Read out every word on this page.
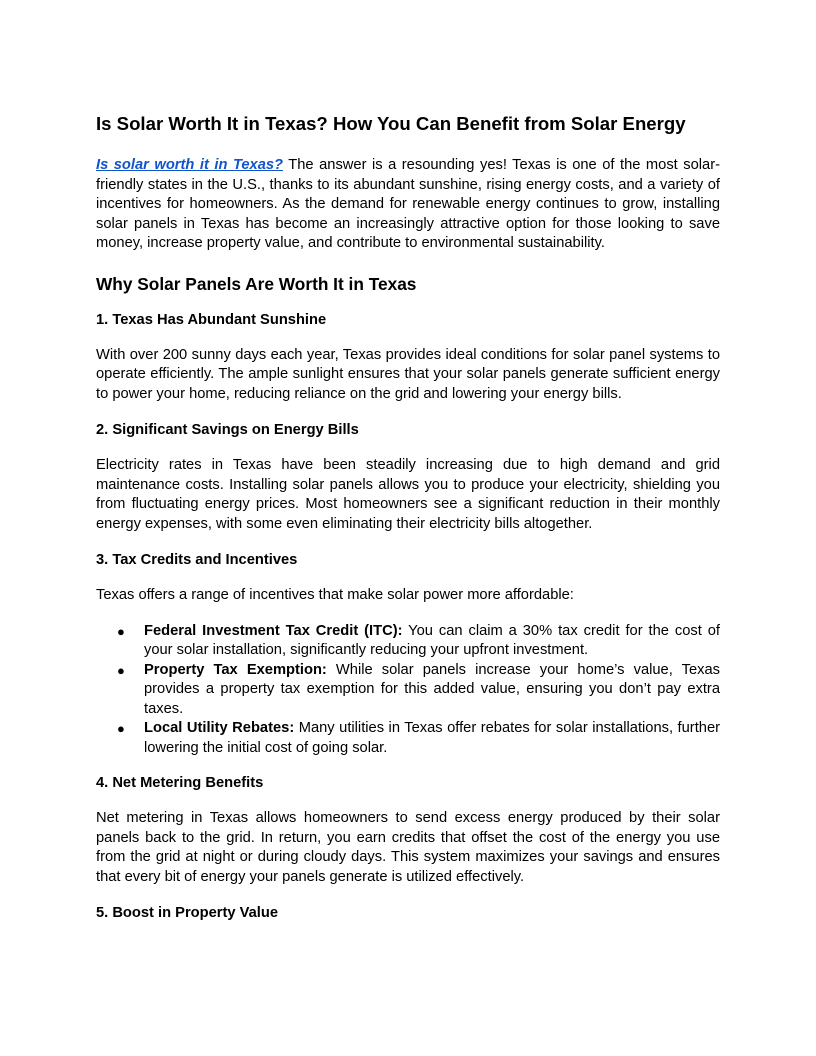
Is Solar Worth It in Texas? How You Can Benefit from Solar Energy

Is solar worth it in Texas? The answer is a resounding yes! Texas is one of the most solar-friendly states in the U.S., thanks to its abundant sunshine, rising energy costs, and a variety of incentives for homeowners. As the demand for renewable energy continues to grow, installing solar panels in Texas has become an increasingly attractive option for those looking to save money, increase property value, and contribute to environmental sustainability.

Why Solar Panels Are Worth It in Texas
1. Texas Has Abundant Sunshine

With over 200 sunny days each year, Texas provides ideal conditions for solar panel systems to operate efficiently. The ample sunlight ensures that your solar panels generate sufficient energy to power your home, reducing reliance on the grid and lowering your energy bills.

2. Significant Savings on Energy Bills

Electricity rates in Texas have been steadily increasing due to high demand and grid maintenance costs. Installing solar panels allows you to produce your electricity, shielding you from fluctuating energy prices. Most homeowners see a significant reduction in their monthly energy expenses, with some even eliminating their electricity bills altogether.

3. Tax Credits and Incentives

Texas offers a range of incentives that make solar power more affordable:

● Federal Investment Tax Credit (ITC): You can claim a 30% tax credit for the cost of your solar installation, significantly reducing your upfront investment.
● Property Tax Exemption: While solar panels increase your home’s value, Texas provides a property tax exemption for this added value, ensuring you don’t pay extra taxes.
● Local Utility Rebates: Many utilities in Texas offer rebates for solar installations, further lowering the initial cost of going solar.
4. Net Metering Benefits

Net metering in Texas allows homeowners to send excess energy produced by their solar panels back to the grid. In return, you earn credits that offset the cost of the energy you use from the grid at night or during cloudy days. This system maximizes your savings and ensures that every bit of energy your panels generate is utilized effectively.

5. Boost in Property Value
